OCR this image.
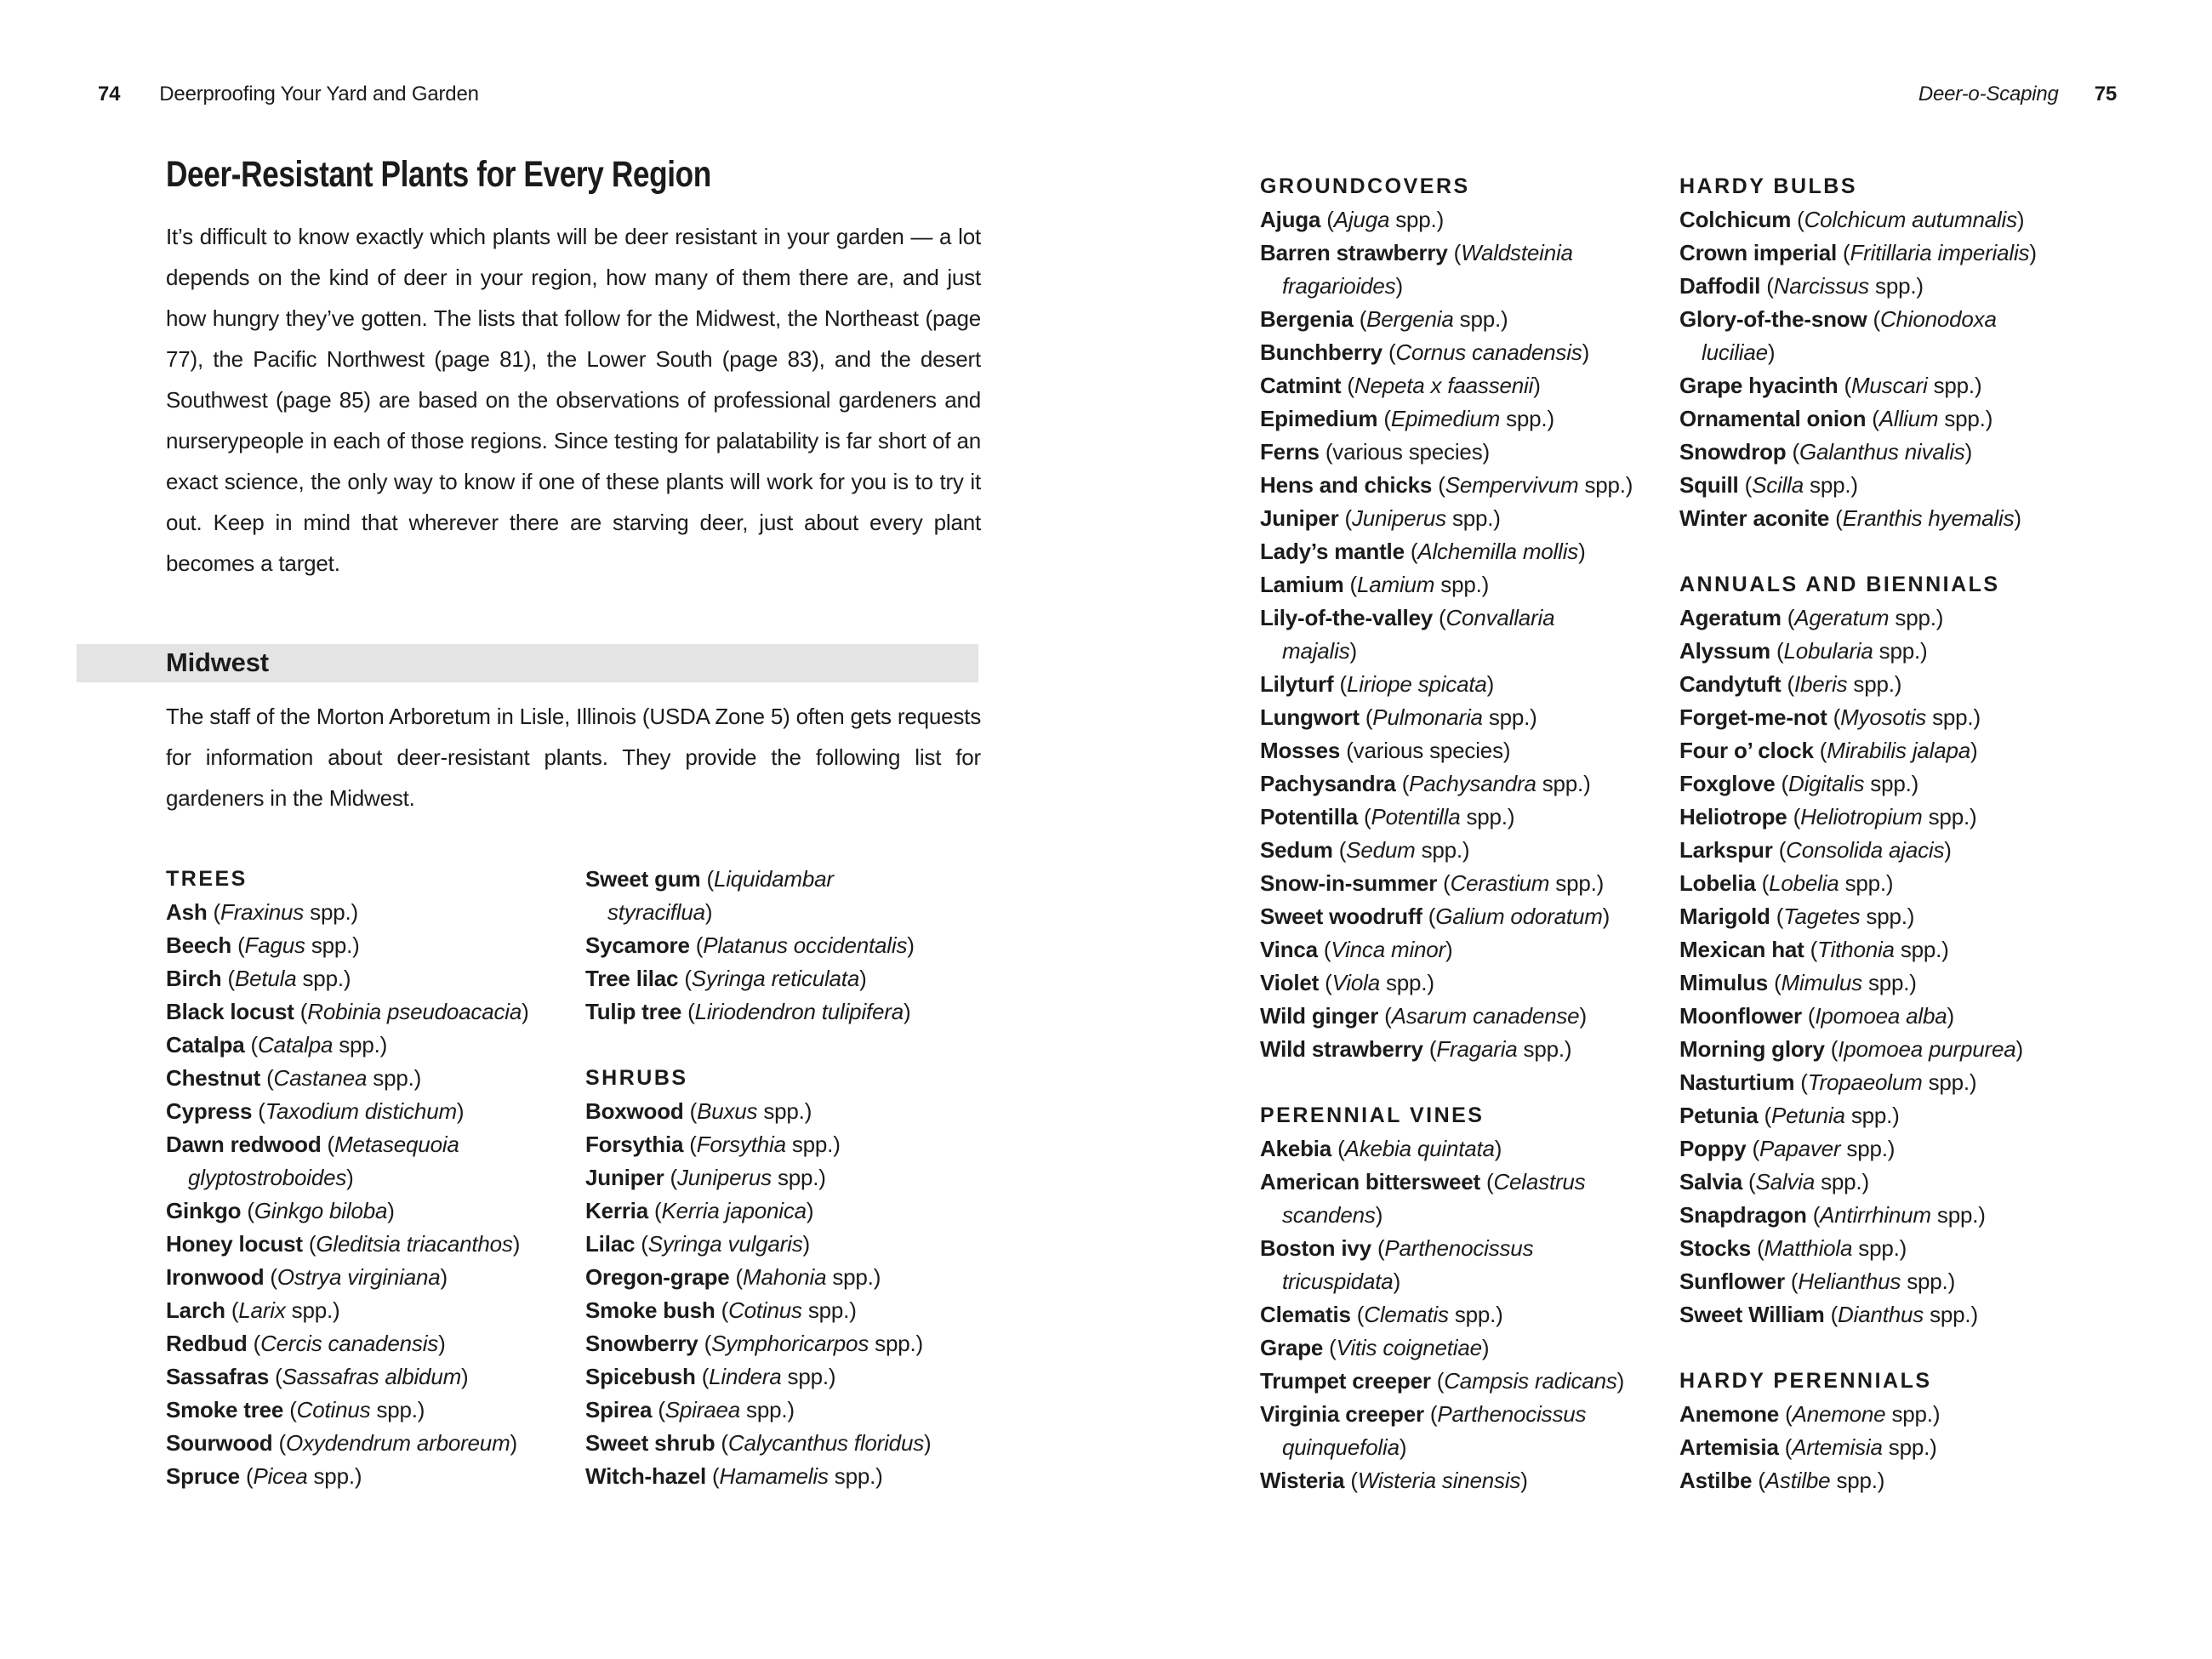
74 Deerproofing Your Yard and Garden
Deer-Resistant Plants for Every Region

It’s difficult to know exactly which plants will be deer resistant in your garden — a lot depends on the kind of deer in your region, how many of them there are, and just how hungry they’ve gotten. The lists that follow for the Midwest, the Northeast (page 77), the Pacific Northwest (page 81), the Lower South (page 83), and the desert Southwest (page 85) are based on the observations of professional gardeners and nurserypeople in each of those regions. Since testing for palatability is far short of an exact science, the only way to know if one of these plants will work for you is to try it out. Keep in mind that wherever there are starving deer, just about every plant becomes a target.

Midwest

The staff of the Morton Arboretum in Lisle, Illinois (USDA Zone 5) often gets requests for information about deer-resistant plants. They provide the following list for gardeners in the Midwest.

TREES
Ash (Fraxinus spp.)
Beech (Fagus spp.)
Birch (Betula spp.)
Black locust (Robinia pseudoacacia)
Catalpa (Catalpa spp.)
Chestnut (Castanea spp.)
Cypress (Taxodium distichum)
Dawn redwood (Metasequoia
glyptostroboides)
Ginkgo (Ginkgo biloba)
Honey locust (Gleditsia triacanthos)
Ironwood (Ostrya virginiana)
Larch (Larix spp.)
Redbud (Cercis canadensis)
Sassafras (Sassafras albidum)
Smoke tree (Cotinus spp.)
Sourwood (Oxydendrum arboreum)
Spruce (Picea spp.)
Sweet gum (Liquidambar
styraciflua)
Sycamore (Platanus occidentalis)
Tree lilac (Syringa reticulata)
Tulip tree (Liriodendron tulipifera)
SHRUBS
Boxwood (Buxus spp.)
Forsythia (Forsythia spp.)
Juniper (Juniperus spp.)
Kerria (Kerria japonica)
Lilac (Syringa vulgaris)
Oregon-grape (Mahonia spp.)
Smoke bush (Cotinus spp.)
Snowberry (Symphoricarpos spp.)
Spicebush (Lindera spp.)
Spirea (Spiraea spp.)
Sweet shrub (Calycanthus floridus)
Witch-hazel (Hamamelis spp.)
Deer-o-Scaping 75
GROUNDCOVERS
Ajuga (Ajuga spp.)
Barren strawberry (Waldsteinia
fragarioides)
Bergenia (Bergenia spp.)
Bunchberry (Cornus canadensis)
Catmint (Nepeta x faassenii)
Epimedium (Epimedium spp.)
Ferns (various species)
Hens and chicks (Sempervivum spp.)
Juniper (Juniperus spp.)
Lady’s mantle (Alchemilla mollis)
Lamium (Lamium spp.)
Lily-of-the-valley (Convallaria
majalis)
Lilyturf (Liriope spicata)
Lungwort (Pulmonaria spp.)
Mosses (various species)
Pachysandra (Pachysandra spp.)
Potentilla (Potentilla spp.)
Sedum (Sedum spp.)
Snow-in-summer (Cerastium spp.)
Sweet woodruff (Galium odoratum)
Vinca (Vinca minor)
Violet (Viola spp.)
Wild ginger (Asarum canadense)
Wild strawberry (Fragaria spp.)
PERENNIAL VINES
Akebia (Akebia quintata)
American bittersweet (Celastrus
scandens)
Boston ivy (Parthenocissus
tricuspidata)
Clematis (Clematis spp.)
Grape (Vitis coignetiae)
Trumpet creeper (Campsis radicans)
Virginia creeper (Parthenocissus
quinquefolia)
Wisteria (Wisteria sinensis)
HARDY BULBS
Colchicum (Colchicum autumnalis)
Crown imperial (Fritillaria imperialis)
Daffodil (Narcissus spp.)
Glory-of-the-snow (Chionodoxa
luciliae)
Grape hyacinth (Muscari spp.)
Ornamental onion (Allium spp.)
Snowdrop (Galanthus nivalis)
Squill (Scilla spp.)
Winter aconite (Eranthis hyemalis)
ANNUALS AND BIENNIALS
Ageratum (Ageratum spp.)
Alyssum (Lobularia spp.)
Candytuft (Iberis spp.)
Forget-me-not (Myosotis spp.)
Four o’ clock (Mirabilis jalapa)
Foxglove (Digitalis spp.)
Heliotrope (Heliotropium spp.)
Larkspur (Consolida ajacis)
Lobelia (Lobelia spp.)
Marigold (Tagetes spp.)
Mexican hat (Tithonia spp.)
Mimulus (Mimulus spp.)
Moonflower (Ipomoea alba)
Morning glory (Ipomoea purpurea)
Nasturtium (Tropaeolum spp.)
Petunia (Petunia spp.)
Poppy (Papaver spp.)
Salvia (Salvia spp.)
Snapdragon (Antirrhinum spp.)
Stocks (Matthiola spp.)
Sunflower (Helianthus spp.)
Sweet William (Dianthus spp.)
HARDY PERENNIALS
Anemone (Anemone spp.)
Artemisia (Artemisia spp.)
Astilbe (Astilbe spp.)
